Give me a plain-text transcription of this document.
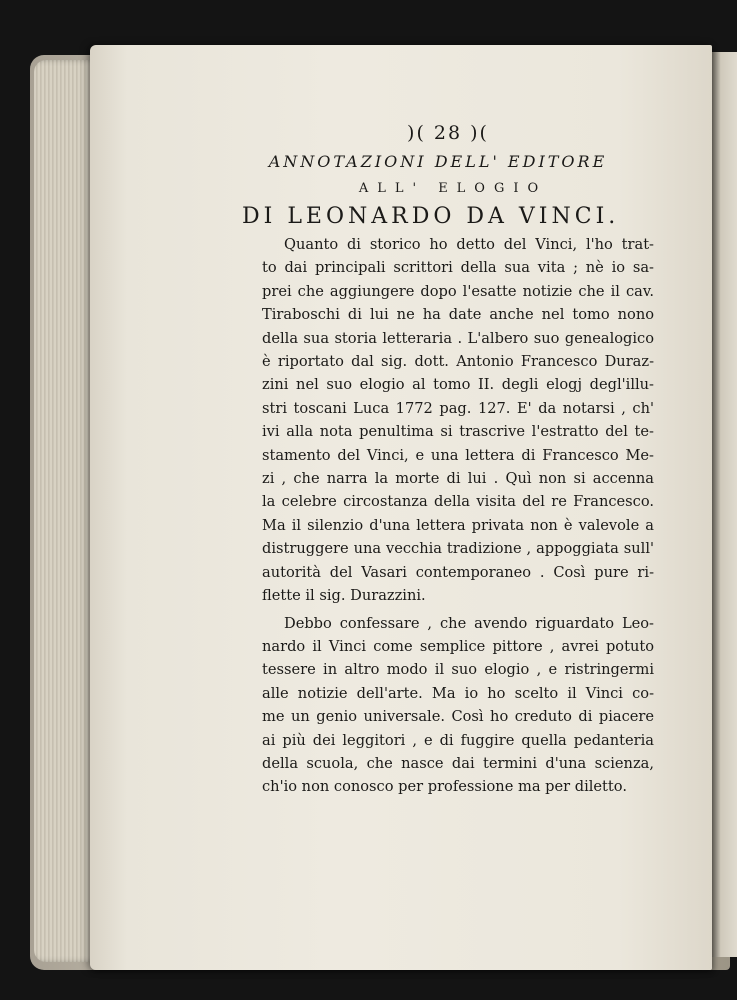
)( 28 )(
ANNOTAZIONI DELL' EDITORE
ALL' ELOGIO
DI LEONARDO DA VINCI.
Quanto di storico ho detto del Vinci, l'ho trat-
to dai principali scrittori della sua vita ; nè io sa-
prei che aggiungere dopo l'esatte notizie che il cav.
Tiraboschi di lui ne ha date anche nel tomo nono
della sua storia letteraria . L'albero suo genealogico
è riportato dal sig. dott. Antonio Francesco Duraz-
zini nel suo elogio al tomo II. degli elogj degl'illu-
stri toscani Luca 1772 pag. 127. E' da notarsi , ch'
ivi alla nota penultima si trascrive l'estratto del te-
stamento del Vinci, e una lettera di Francesco Me-
zi , che narra la morte di lui . Quì non si accenna
la celebre circostanza della visita del re Francesco.
Ma il silenzio d'una lettera privata non è valevole a
distruggere una vecchia tradizione , appoggiata sull'
autorità del Vasari contemporaneo . Così pure ri-
flette il sig. Durazzini.
Debbo confessare , che avendo riguardato Leo-
nardo il Vinci come semplice pittore , avrei potuto
tessere in altro modo il suo elogio , e ristringermi
alle notizie dell'arte. Ma io ho scelto il Vinci co-
me un genio universale. Così ho creduto di piacere
ai più dei leggitori , e di fuggire quella pedanteria
della scuola, che nasce dai termini d'una scienza,
ch'io non conosco per professione ma per diletto.
